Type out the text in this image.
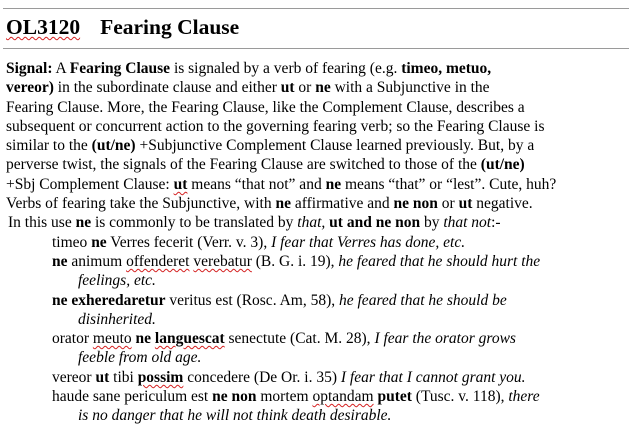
OL3120 Fearing Clause
Signal: A Fearing Clause is signaled by a verb of fearing (e.g. timeo, metuo,
vereor) in the subordinate clause and either ut or ne with a Subjunctive in the
Fearing Clause. More, the Fearing Clause, like the Complement Clause, describes a
subsequent or concurrent action to the governing fearing verb; so the Fearing Clause is
similar to the (ut/ne) +Subjunctive Complement Clause learned previously. But, by a
perverse twist, the signals of the Fearing Clause are switched to those of the (ut/ne)
+Sbj Complement Clause: ut means “that not” and ne means “that” or “lest”. Cute, huh?
Verbs of fearing take the Subjunctive, with ne affirmative and ne non or ut negative.
In this use ne is commonly to be translated by that, ut and ne non by that not:-
timeo ne Verres fecerit (Verr. v. 3), I fear that Verres has done, etc.
ne animum offenderet verebatur (B. G. i. 19), he feared that he should hurt the
feelings, etc.
ne exheredaretur veritus est (Rosc. Am, 58), he feared that he should be
disinherited.
orator meuto ne languescat senectute (Cat. M. 28), I fear the orator grows
feeble from old age.
vereor ut tibi possim concedere (De Or. i. 35) I fear that I cannot grant you.
haude sane periculum est ne non mortem optandam putet (Tusc. v. 118), there
is no danger that he will not think death desirable.
